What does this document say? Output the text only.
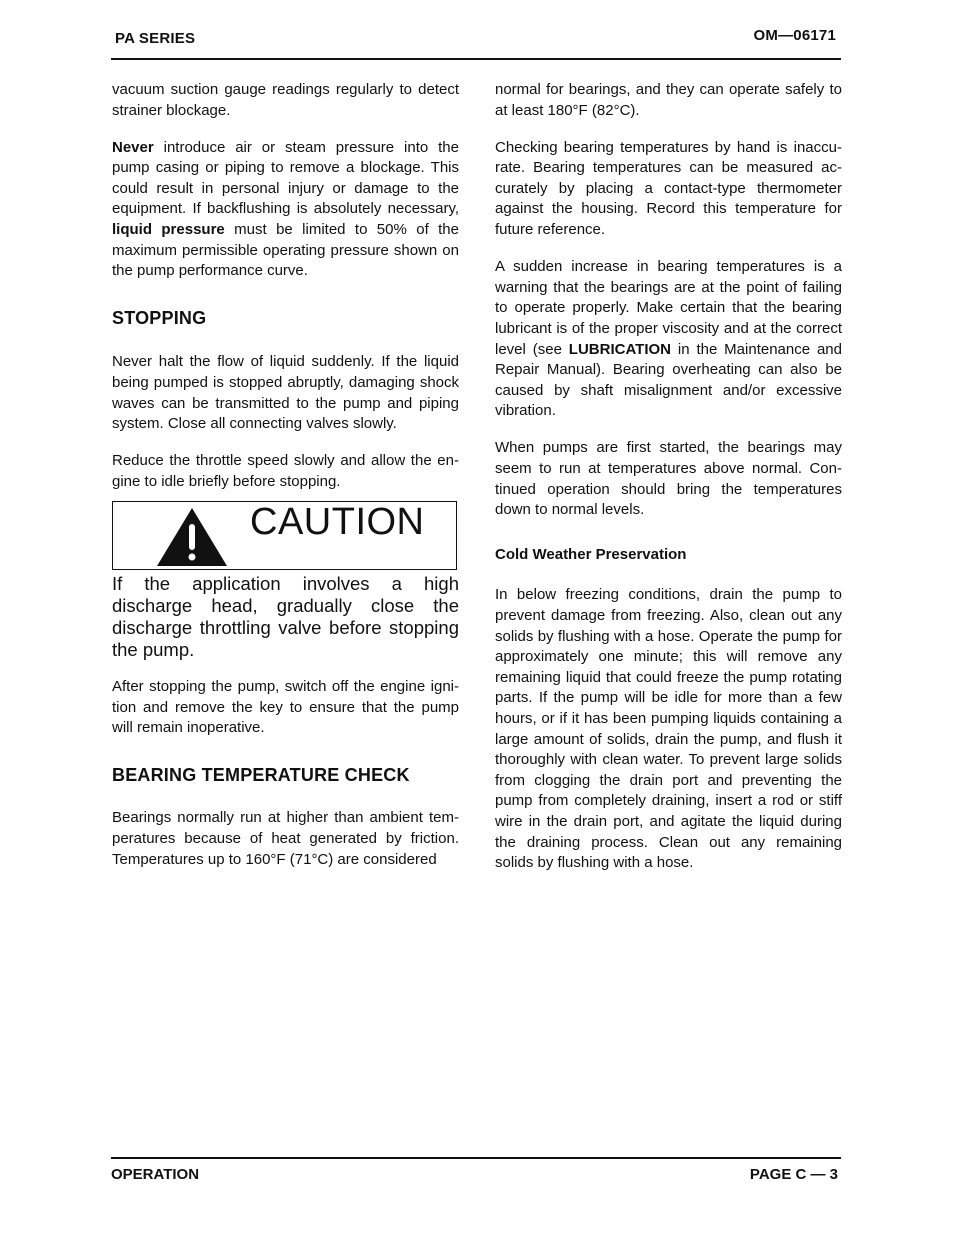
PA SERIES	OM—06171

vacuum suction gauge readings regularly to detect strainer blockage.

Never introduce air or steam pressure into the pump casing or piping to remove a blockage. This could result in personal injury or damage to the equipment. If backflushing is absolutely necessary, liquid pressure must be limited to 50% of the maximum permissible operating pressure shown on the pump performance curve.

STOPPING

Never halt the flow of liquid suddenly. If the liquid being pumped is stopped abruptly, damaging shock waves can be transmitted to the pump and piping system. Close all connecting valves slowly.

Reduce the throttle speed slowly and allow the engine to idle briefly before stopping.

CAUTION

If the application involves a high discharge head, gradually close the discharge throttling valve before stopping the pump.

After stopping the pump, switch off the engine ignition and remove the key to ensure that the pump will remain inoperative.

BEARING TEMPERATURE CHECK

Bearings normally run at higher than ambient temperatures because of heat generated by friction. Temperatures up to 160°F (71°C) are considered

normal for bearings, and they can operate safely to at least 180°F (82°C).

Checking bearing temperatures by hand is inaccurate. Bearing temperatures can be measured accurately by placing a contact-type thermometer against the housing. Record this temperature for future reference.

A sudden increase in bearing temperatures is a warning that the bearings are at the point of failing to operate properly. Make certain that the bearing lubricant is of the proper viscosity and at the correct level (see LUBRICATION in the Maintenance and Repair Manual). Bearing overheating can also be caused by shaft misalignment and/or excessive vibration.

When pumps are first started, the bearings may seem to run at temperatures above normal. Continued operation should bring the temperatures down to normal levels.

Cold Weather Preservation

In below freezing conditions, drain the pump to prevent damage from freezing. Also, clean out any solids by flushing with a hose. Operate the pump for approximately one minute; this will remove any remaining liquid that could freeze the pump rotating parts. If the pump will be idle for more than a few hours, or if it has been pumping liquids containing a large amount of solids, drain the pump, and flush it thoroughly with clean water. To prevent large solids from clogging the drain port and preventing the pump from completely draining, insert a rod or stiff wire in the drain port, and agitate the liquid during the draining process. Clean out any remaining solids by flushing with a hose.

OPERATION	PAGE C — 3
